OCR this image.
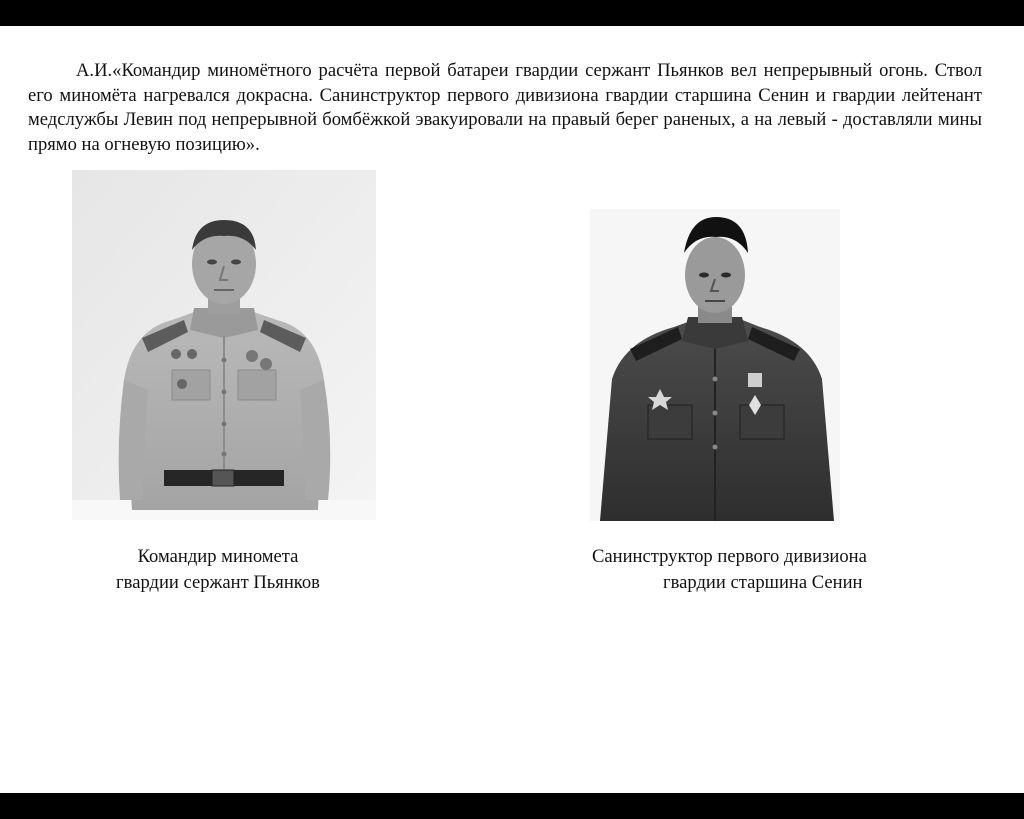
А.И.«Командир миномётного расчёта первой батареи гвардии сержант Пьянков вел непрерывный огонь. Ствол его миномёта нагревался докрасна. Санинструктор первого дивизиона гвардии старшина Сенин и гвардии лейтенант медслужбы Левин под непрерывной бомбёжкой эвакуировали на правый берег раненых, а на левый - доставляли мины прямо на огневую позицию».

Командир миномета
гвардии сержант Пьянков

Санинструктор первого дивизиона
гвардии старшина Сенин
